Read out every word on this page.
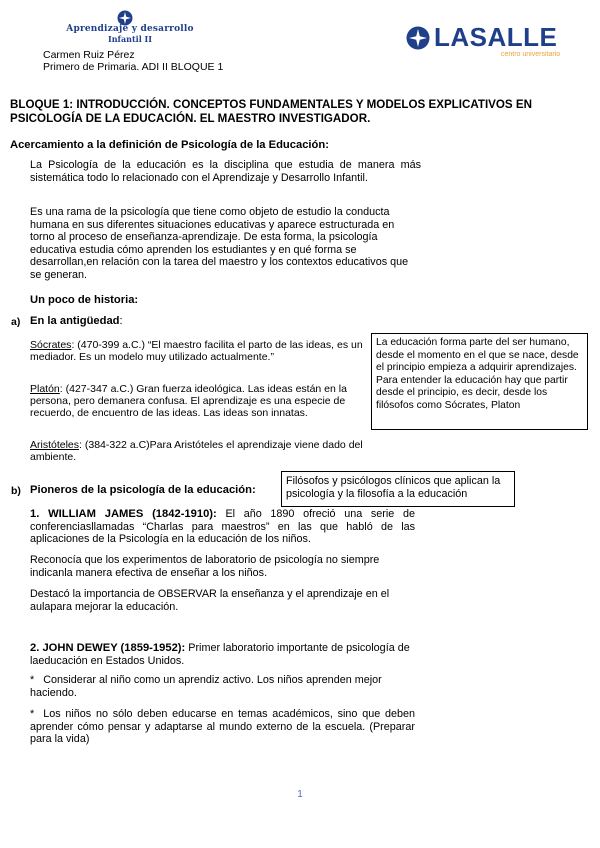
Aprendizaje y desarrollo
Infantil II
Carmen Ruiz Pérez
Primero de Primaria. ADI II BLOQUE 1
LASALLE
centro universitario
BLOQUE 1: INTRODUCCIÓN. CONCEPTOS FUNDAMENTALES Y MODELOS EXPLICATIVOS EN PSICOLOGÍA DE LA EDUCACIÓN. EL MAESTRO INVESTIGADOR.
Acercamiento a la definición de Psicología de la Educación:
La Psicología de la educación es la disciplina que estudia de manera más sistemática todo lo relacionado con el Aprendizaje y Desarrollo Infantil.
Es una rama de la psicología que tiene como objeto de estudio la conducta humana en sus diferentes situaciones educativas y aparece estructurada en torno al proceso de enseñanza-aprendizaje. De esta forma, la psicología educativa estudia cómo aprenden los estudiantes y en qué forma se desarrollan,en relación con la tarea del maestro y los contextos educativos que se generan.
Un poco de historia:
a) En la antigüedad:
Sócrates: (470-399 a.C.) “El maestro facilita el parto de las ideas, es un mediador. Es un modelo muy utilizado actualmente.”
Platón: (427-347 a.C.) Gran fuerza ideológica. Las ideas están en la persona, pero demanera confusa. El aprendizaje es una especie de recuerdo, de encuentro de las ideas. Las ideas son innatas.
Aristóteles: (384-322 a.C)Para Aristóteles el aprendizaje viene dado del ambiente.
La educación forma parte del ser humano, desde el momento en el que se nace, desde el principio empieza a adquirir aprendizajes.
Para entender la educación hay que partir desde el principio, es decir, desde los filósofos como Sócrates, Platon
b) Pioneros de la psicología de la educación:
Filósofos y psicólogos clínicos que aplican la psicología y la filosofía a la educación
1. WILLIAM JAMES (1842-1910): El año 1890 ofreció una serie de conferenciasllamadas “Charlas para maestros” en las que habló de las aplicaciones de la Psicología en la educación de los niños.
Reconocía que los experimentos de laboratorio de psicología no siempre indicanla manera efectiva de enseñar a los niños.
Destacó la importancia de OBSERVAR la enseñanza y el aprendizaje en el aulapara mejorar la educación.
2. JOHN DEWEY (1859-1952): Primer laboratorio importante de psicología de laeducación en Estados Unidos.
* Considerar al niño como un aprendiz activo. Los niños aprenden mejor haciendo.
* Los niños no sólo deben educarse en temas académicos, sino que deben aprender cómo pensar y adaptarse al mundo externo de la escuela. (Preparar para la vida)
1
